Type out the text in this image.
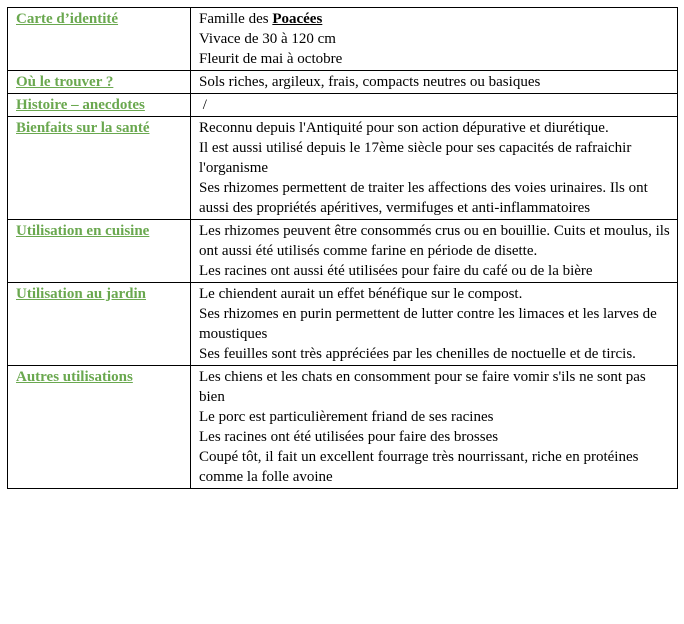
Carte d’identité	Famille des Poacées
Vivace de 30 à 120 cm
Fleurit de mai à octobre

Où le trouver ?	Sols riches, argileux, frais, compacts neutres ou basiques

Histoire – anecdotes	/

Bienfaits sur la santé	Reconnu depuis l'Antiquité pour son action dépurative et diurétique.
Il est aussi utilisé depuis le 17ème siècle pour ses capacités de rafraichir l'organisme
Ses rhizomes permettent de traiter les affections des voies urinaires. Ils ont aussi des propriétés apéritives, vermifuges et anti-inflammatoires

Utilisation en cuisine	Les rhizomes peuvent être consommés crus ou en bouillie. Cuits et moulus, ils ont aussi été utilisés comme farine en période de disette.
Les racines ont aussi été utilisées pour faire du café ou de la bière

Utilisation au jardin	Le chiendent aurait un effet bénéfique sur le compost.
Ses rhizomes en purin permettent de lutter contre les limaces et les larves de moustiques
Ses feuilles sont très appréciées par les chenilles de noctuelle et de tircis.

Autres utilisations	Les chiens et les chats en consomment pour se faire vomir s'ils ne sont pas bien
Le porc est particulièrement friand de ses racines
Les racines ont été utilisées pour faire des brosses
Coupé tôt, il fait un excellent fourrage très nourrissant, riche en protéines comme la folle avoine
